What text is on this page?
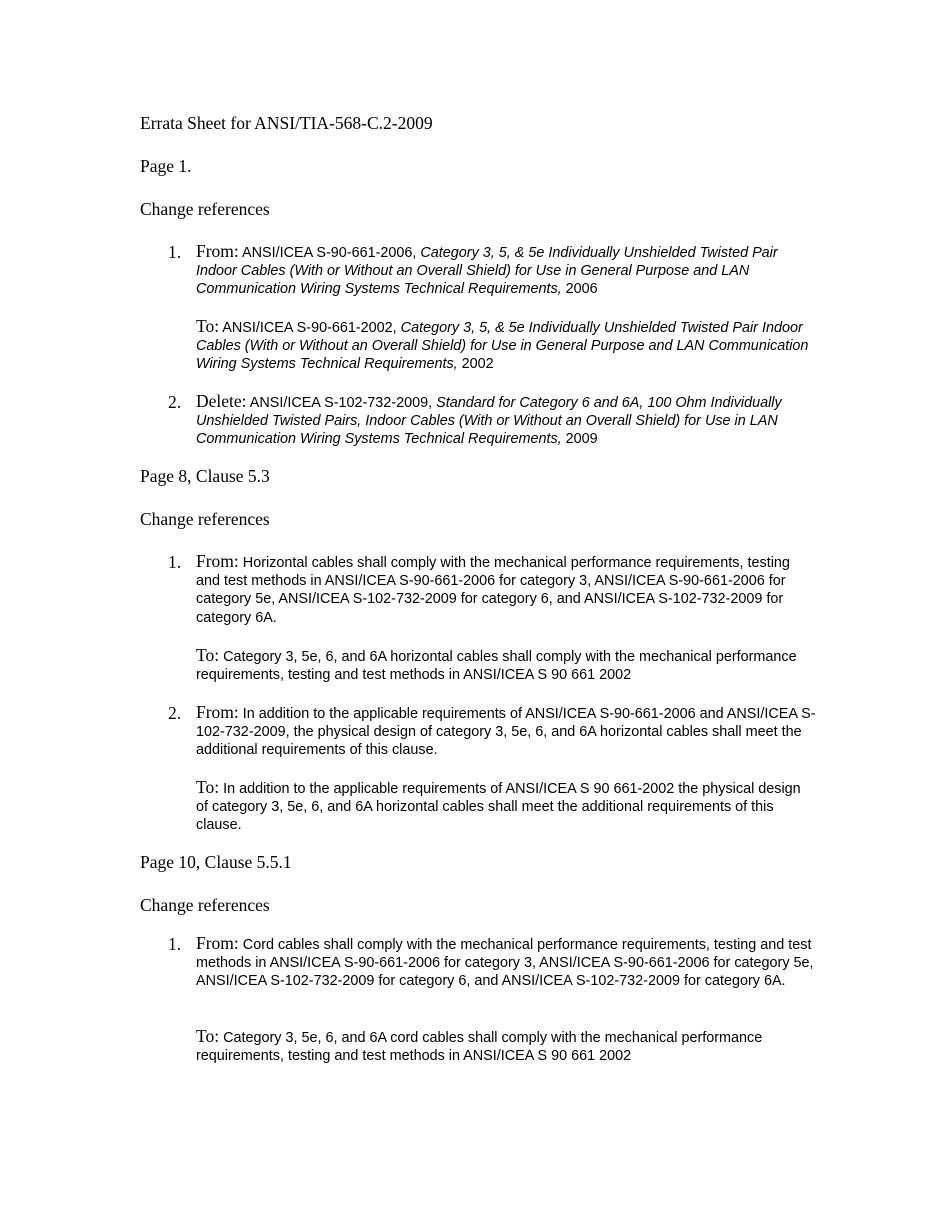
Errata Sheet for ANSI/TIA-568-C.2-2009
Page 1.
Change references
1. From: ANSI/ICEA S-90-661-2006, Category 3, 5, & 5e Individually Unshielded Twisted Pair Indoor Cables (With or Without an Overall Shield) for Use in General Purpose and LAN Communication Wiring Systems Technical Requirements, 2006
To: ANSI/ICEA S-90-661-2002, Category 3, 5, & 5e Individually Unshielded Twisted Pair Indoor Cables (With or Without an Overall Shield) for Use in General Purpose and LAN Communication Wiring Systems Technical Requirements, 2002
2. Delete: ANSI/ICEA S-102-732-2009, Standard for Category 6 and 6A, 100 Ohm Individually Unshielded Twisted Pairs, Indoor Cables (With or Without an Overall Shield) for Use in LAN Communication Wiring Systems Technical Requirements, 2009
Page 8, Clause 5.3
Change references
1. From: Horizontal cables shall comply with the mechanical performance requirements, testing and test methods in ANSI/ICEA S-90-661-2006 for category 3, ANSI/ICEA S-90-661-2006 for category 5e, ANSI/ICEA S-102-732-2009 for category 6, and ANSI/ICEA S-102-732-2009 for category 6A.
To: Category 3, 5e, 6, and 6A horizontal cables shall comply with the mechanical performance requirements, testing and test methods in ANSI/ICEA S 90 661 2002
2. From: In addition to the applicable requirements of ANSI/ICEA S-90-661-2006 and ANSI/ICEA S-102-732-2009, the physical design of category 3, 5e, 6, and 6A horizontal cables shall meet the additional requirements of this clause.
To: In addition to the applicable requirements of ANSI/ICEA S 90 661-2002 the physical design of category 3, 5e, 6, and 6A horizontal cables shall meet the additional requirements of this clause.
Page 10, Clause 5.5.1
Change references
1. From: Cord cables shall comply with the mechanical performance requirements, testing and test methods in ANSI/ICEA S-90-661-2006 for category 3, ANSI/ICEA S-90-661-2006 for category 5e, ANSI/ICEA S-102-732-2009 for category 6, and ANSI/ICEA S-102-732-2009 for category 6A.
To: Category 3, 5e, 6, and 6A cord cables shall comply with the mechanical performance requirements, testing and test methods in ANSI/ICEA S 90 661 2002
